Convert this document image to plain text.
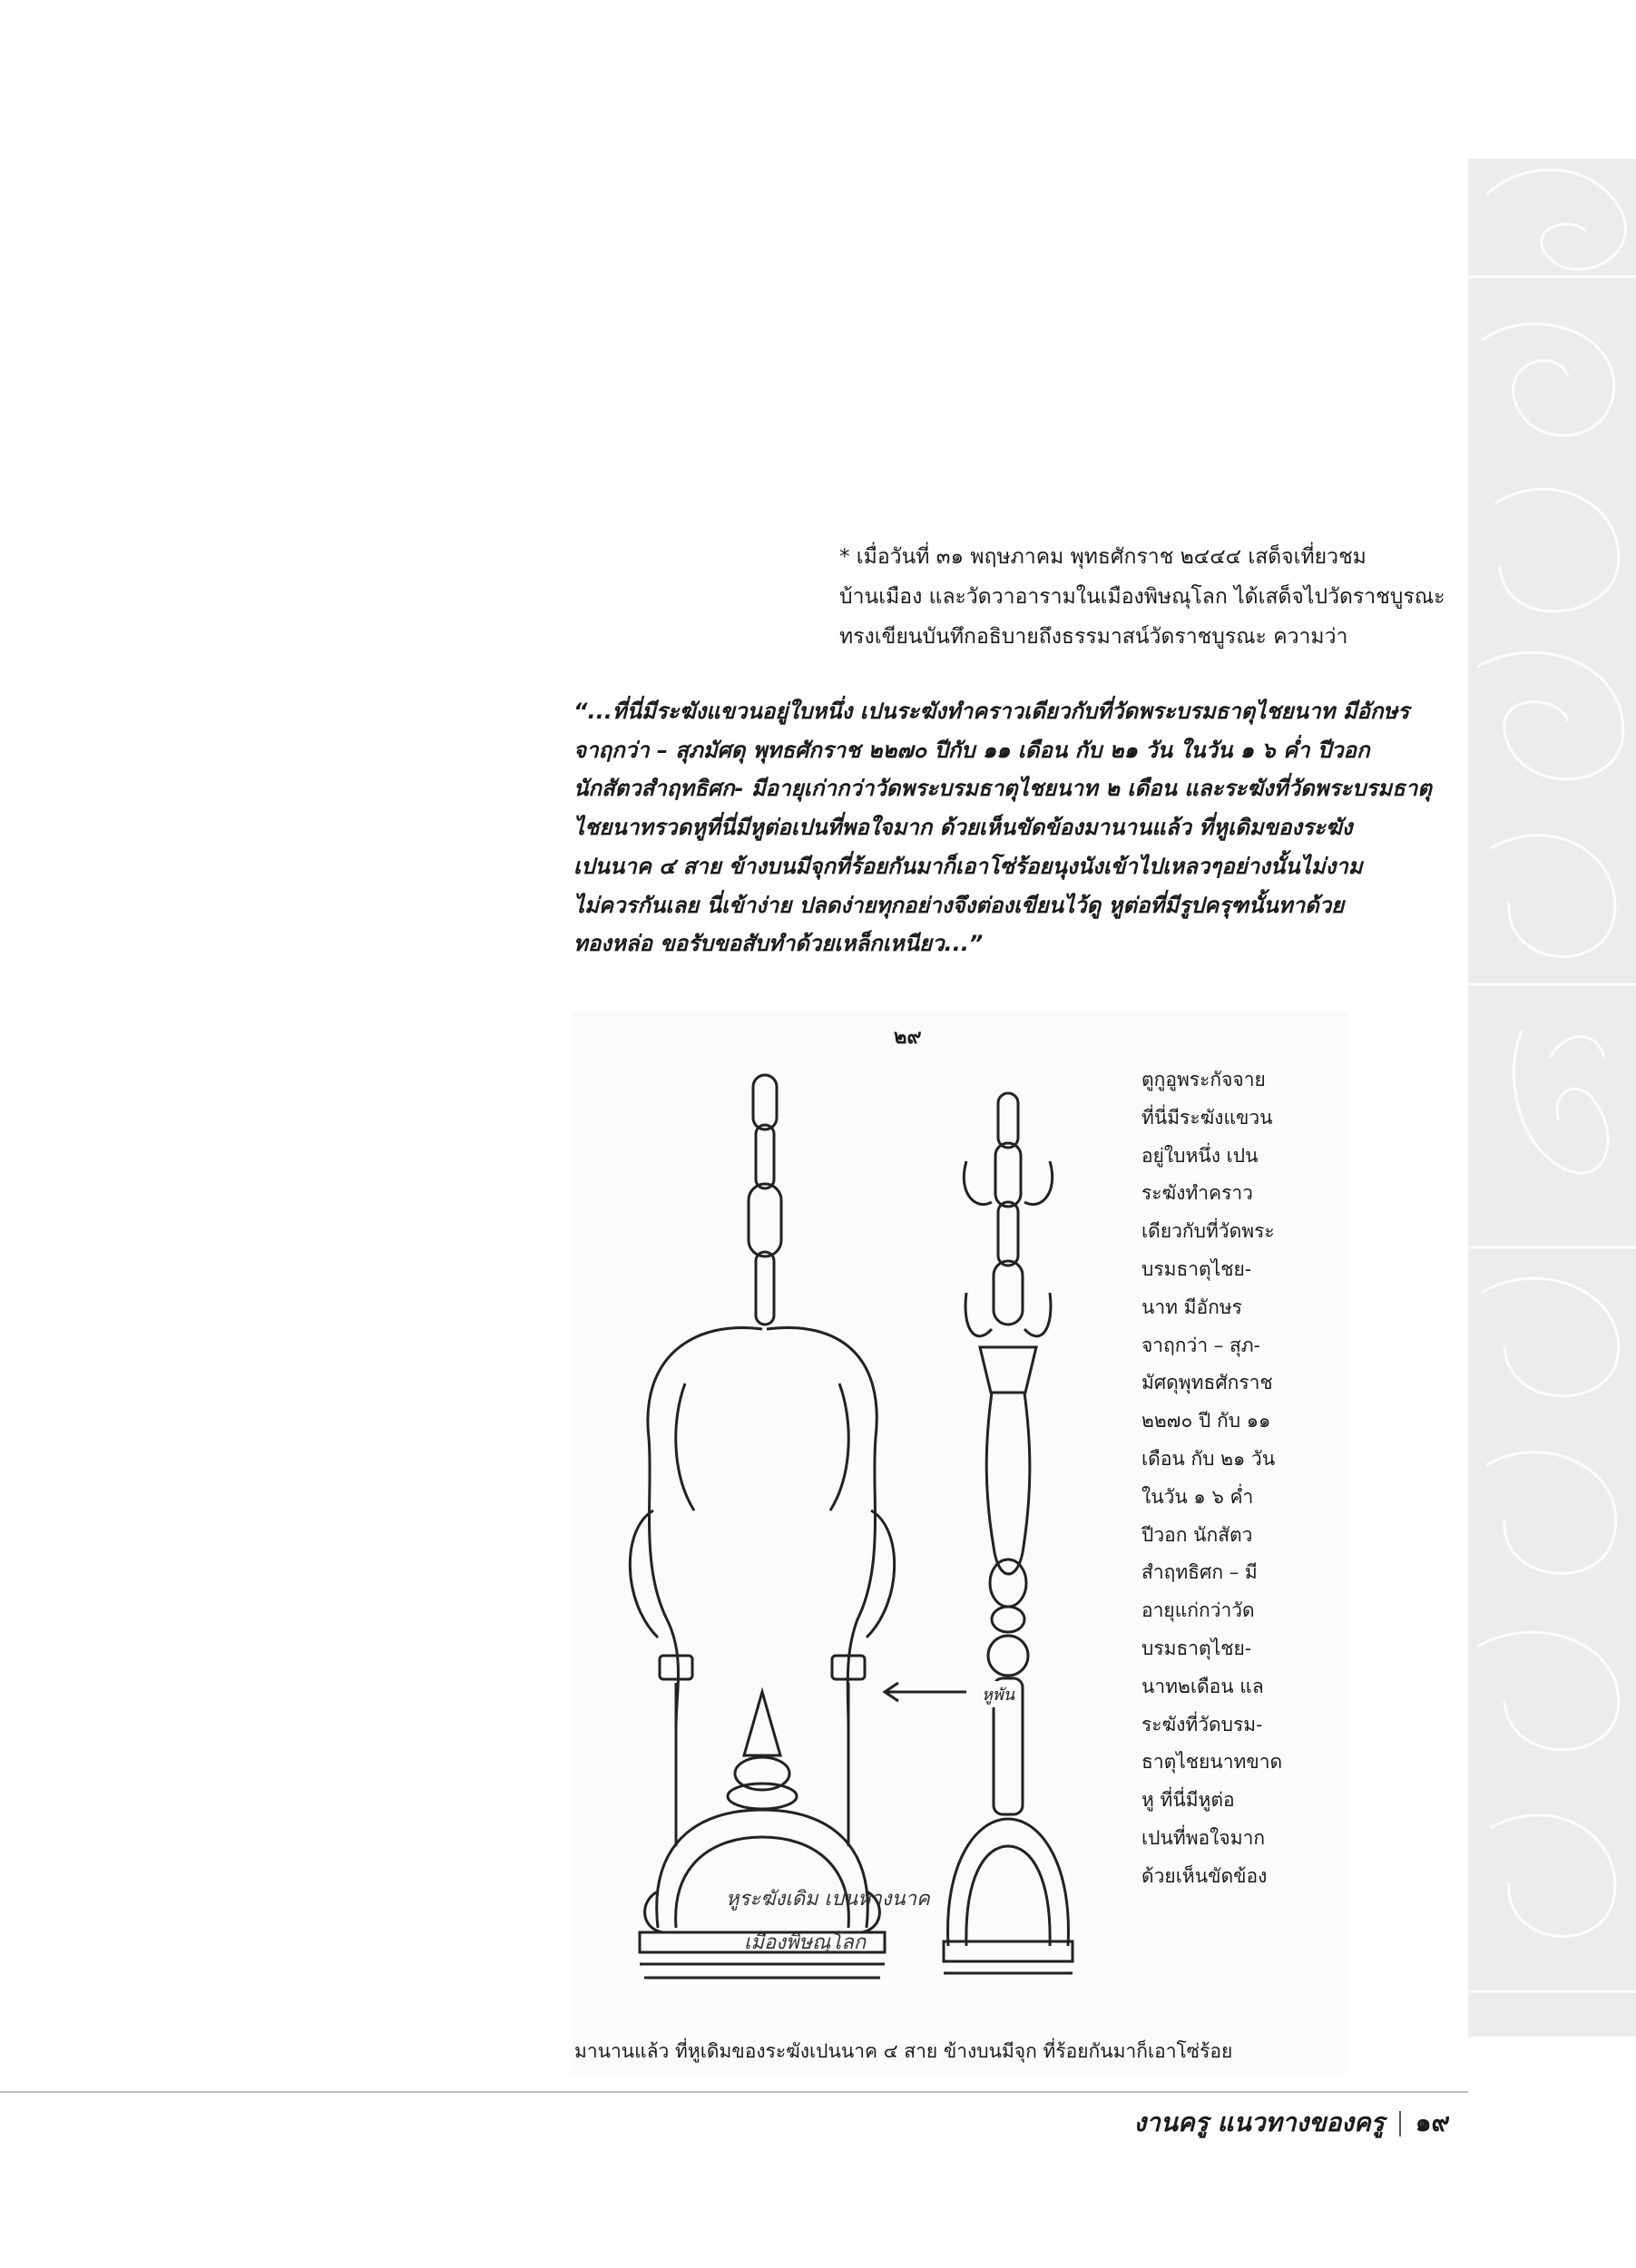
* เมื่อวันที่ ๓๑ พฤษภาคม พุทธศักราช ๒๔๔๔ เสด็จเที่ยวชม
บ้านเมือง และวัดวาอารามในเมืองพิษณุโลก ได้เสด็จไปวัดราชบูรณะ
ทรงเขียนบันทึกอธิบายถึงธรรมาสน์วัดราชบูรณะ ความว่า
“...ที่นี่มีระฆังแขวนอยู่ใบหนึ่ง เปนระฆังทำคราวเดียวกับที่วัดพระบรมธาตุไชยนาท มีอักษร
จาฤกว่า – สุภมัศดุ พุทธศักราช ๒๒๗๐ ปีกับ ๑๑ เดือน กับ ๒๑ วัน ในวัน ๑ ๖ ค่ำ ปีวอก
นักสัตวสำฤทธิศก- มีอายุเก่ากว่าวัดพระบรมธาตุไชยนาท ๒ เดือน และระฆังที่วัดพระบรมธาตุ
ไชยนาทรวดหูที่นี่มีหูต่อเปนที่พอใจมาก ด้วยเห็นขัดข้องมานานแล้ว ที่หูเดิมของระฆัง
เปนนาค ๔ สาย ข้างบนมีจุกที่ร้อยกันมาก็เอาโซ่ร้อยนุงนังเข้าไปเหลวๆอย่างนั้นไม่งาม
ไม่ควรกันเลย นี่เข้าง่าย ปลดง่ายทุกอย่างจึงต่องเขียนไว้ดู หูต่อที่มีรูปครุฑนั้นทาด้วย
ทองหล่อ ขอรับขอสับทำด้วยเหล็กเหนียว...”
๒๙
หูพัน
หูระฆังเดิม เปนหางนาค
เมืองพิษณุโลก
ตูกูอูพระกัจจาย
ที่นี่มีระฆังแขวน
อยู่ใบหนึ่ง เปน
ระฆังทำคราว
เดียวกับที่วัดพระ
บรมธาตุไชย-
นาท มีอักษร
จาฤกว่า – สุภ-
มัศดุพุทธศักราช
๒๒๗๐ ปี กับ ๑๑
เดือน กับ ๒๑ วัน
ในวัน ๑ ๖ ค่ำ
ปีวอก นักสัตว
สำฤทธิศก – มี
อายุแก่กว่าวัด
บรมธาตุไชย-
นาท๒เดือน แล
ระฆังที่วัดบรม-
ธาตุไชยนาทขาด
หู ที่นี่มีหูต่อ
เปนที่พอใจมาก
ด้วยเห็นขัดข้อง
มานานแล้ว ที่หูเดิมของระฆังเปนนาค ๔ สาย ข้างบนมีจุก ที่ร้อยกันมาก็เอาโซ่ร้อย
งานครู แนวทางของครู ๑๙
